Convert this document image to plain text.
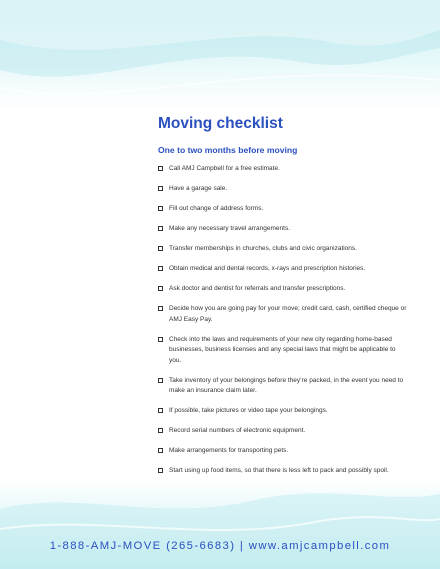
Moving checklist
One to two months before moving
Call AMJ Campbell for a free estimate.
Have a garage sale.
Fill out change of address forms.
Make any necessary travel arrangements.
Transfer memberships in churches, clubs and civic organizations.
Obtain medical and dental records, x-rays and prescription histories.
Ask doctor and dentist for referrals and transfer prescriptions.
Decide how you are going pay for your move; credit card, cash, certified cheque or AMJ Easy Pay.
Check into the laws and requirements of your new city regarding home-based businesses, business licenses and any special laws that might be applicable to you.
Take inventory of your belongings before they’re packed, in the event you need to make an insurance claim later.
If possible, take pictures or video tape your belongings.
Record serial numbers of electronic equipment.
Make arrangements for transporting pets.
Start using up food items, so that there is less left to pack and possibly spoil.
1-888-AMJ-MOVE (265-6683) | www.amjcampbell.com
